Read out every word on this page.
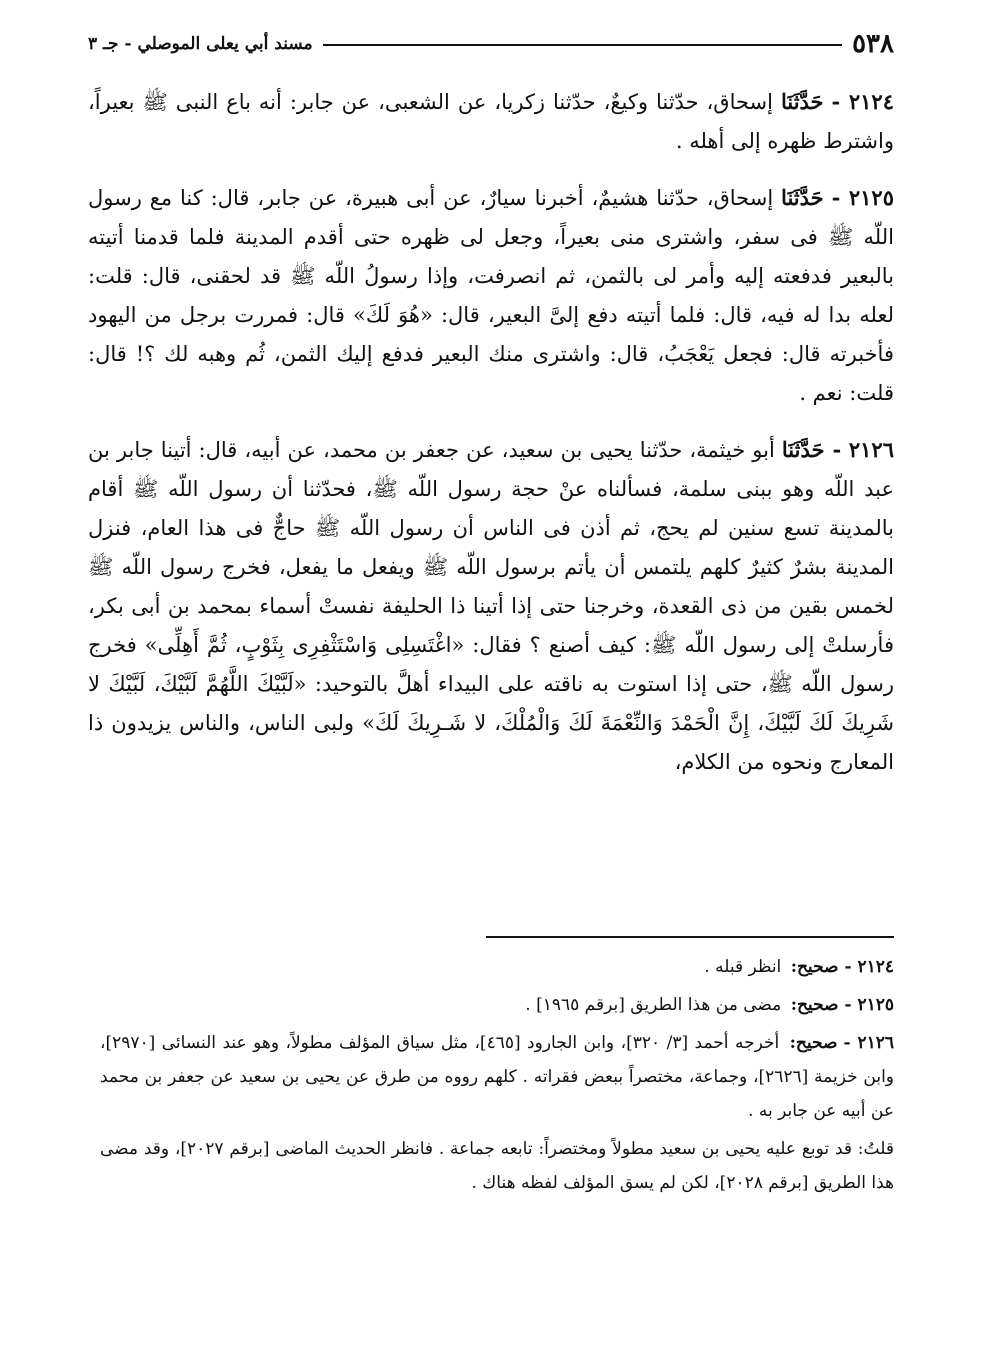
٥٣٨
مسند أبي يعلى الموصلي - جـ ٣

٢١٢٤ -حَدَّثَنَا إسحاق، حدّثنا وكيعٌ، حدّثنا زكريا، عن الشعبى، عن جابر: أنه باع النبى ﷺ بعيراً، واشترط ظهره إلى أهله .

٢١٢٥ -حَدَّثَنَا إسحاق، حدّثنا هشيمٌ، أخبرنا سيارٌ، عن أبى هبيرة، عن جابر، قال: كنا مع رسول اللّه ﷺ فى سفر، واشترى منى بعيراً، وجعل لى ظهره حتى أقدم المدينة فلما قدمنا أتيته بالبعير فدفعته إليه وأمر لى بالثمن، ثم انصرفت، وإذا رسولُ اللّه ﷺ قد لحقنى، قال: قلت: لعله بدا له فيه، قال: فلما أتيته دفع إلىَّ البعير، قال: «هُوَ لَكَ» قال: فمررت برجل من اليهود فأخبرته قال: فجعل يَعْجَبُ، قال: واشترى منك البعير فدفع إليك الثمن، ثُم وهبه لك ؟! قال: قلت: نعم .

٢١٢٦ -حَدَّثَنَا أبو خيثمة، حدّثنا يحيى بن سعيد، عن جعفر بن محمد، عن أبيه، قال: أتينا جابر بن عبد اللّه وهو ببنى سلمة، فسألناه عنْ حجة رسول اللّه ﷺ، فحدّثنا أن رسول اللّه ﷺ أقام بالمدينة تسع سنين لم يحج، ثم أذن فى الناس أن رسول اللّه ﷺ حاجٌّ فى هذا العام، فنزل المدينة بشرٌ كثيرٌ كلهم يلتمس أن يأتم برسول اللّه ﷺ ويفعل ما يفعل، فخرج رسول اللّه ﷺ لخمس بقين من ذى القعدة، وخرجنا حتى إذا أتينا ذا الحليفة نفستْ أسماء بمحمد بن أبى بكر، فأرسلتْ إلى رسول اللّه ﷺ: كيف أصنع ؟ فقال: «اغْتَسِلِى وَاسْتَثْفِرِى بِثَوْبٍ، ثُمَّ أَهِلِّى» فخرج رسول اللّه ﷺ، حتى إذا استوت به ناقته على البيداء أهلَّ بالتوحيد: «لَبَّيْكَ اللَّهُمَّ لَبَّيْكَ، لَبَّيْكَ لا شَرِيكَ لَكَ لَبَّيْكَ، إِنَّ الْحَمْدَ وَالنِّعْمَةَ لَكَ وَالْمُلْكَ، لا شَـرِيكَ لَكَ» ولبى الناس، والناس يزيدون ذا المعارج ونحوه من الكلام،

٢١٢٤ -صحيح: انظر قبله .

٢١٢٥ -صحيح: مضى من هذا الطريق [برقم ١٩٦٥] .

٢١٢٦ -صحيح: أخرجه أحمد [٣/ ٣٢٠]، وابن الجارود [٤٦٥]، مثل سياق المؤلف مطولاً، وهو عند النسائى [٢٩٧٠]، وابن خزيمة [٢٦٢٦]، وجماعة، مختصراً ببعض فقراته . كلهم رووه من طرق عن يحيى بن سعيد عن جعفر بن محمد عن أبيه عن جابر به .

قلتُ: قد توبع عليه يحيى بن سعيد مطولاً ومختصراً: تابعه جماعة . فانظر الحديث الماضى [برقم ٢٠٢٧]، وقد مضى هذا الطريق [برقم ٢٠٢٨]، لكن لم يسق المؤلف لفظه هناك .
